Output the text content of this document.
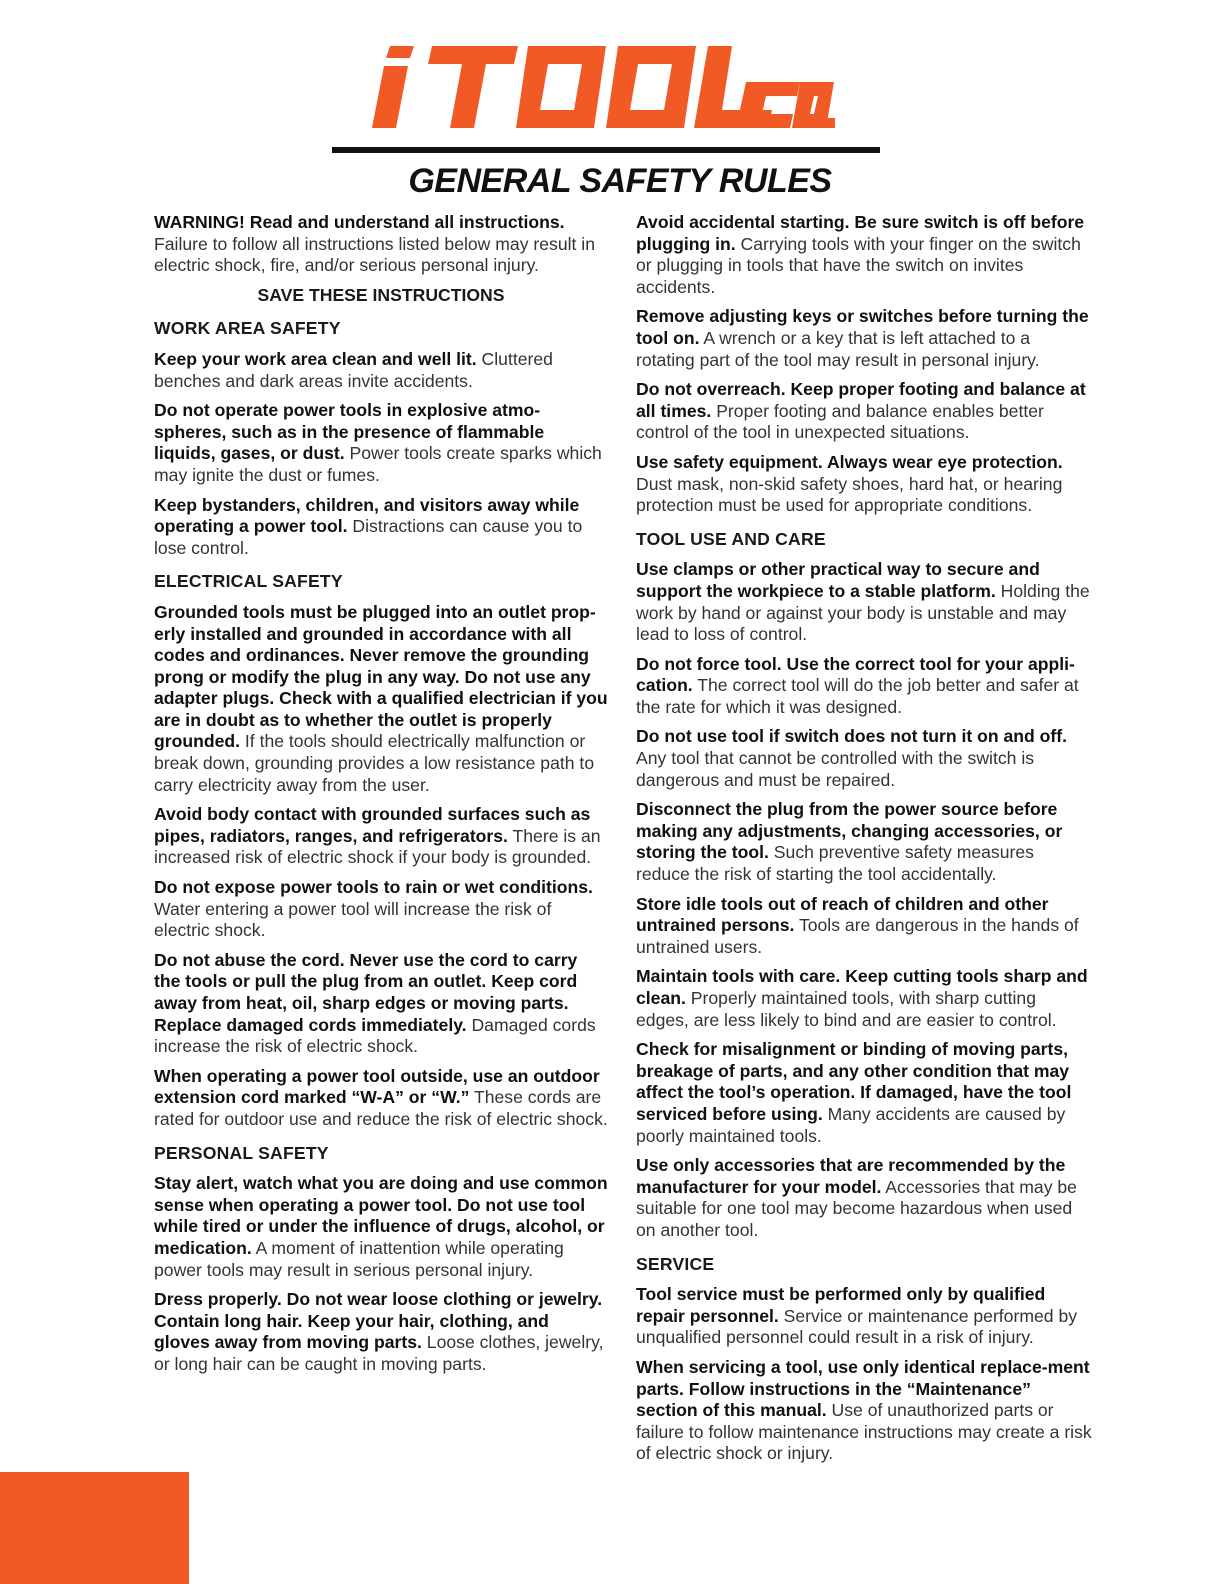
GENERAL SAFETY RULES
WARNING! Read and understand all instructions. Failure to follow all instructions listed below may result in electric shock, fire, and/or serious personal injury.
SAVE THESE INSTRUCTIONS
WORK AREA SAFETY
Keep your work area clean and well lit. Cluttered benches and dark areas invite accidents.
Do not operate power tools in explosive atmo-spheres, such as in the presence of flammable liquids, gases, or dust. Power tools create sparks which may ignite the dust or fumes.
Keep bystanders, children, and visitors away while operating a power tool. Distractions can cause you to lose control.
ELECTRICAL SAFETY
Grounded tools must be plugged into an outlet prop-erly installed and grounded in accordance with all codes and ordinances. Never remove the grounding prong or modify the plug in any way. Do not use any adapter plugs. Check with a qualified electrician if you are in doubt as to whether the outlet is properly grounded. If the tools should electrically malfunction or break down, grounding provides a low resistance path to carry electricity away from the user.
Avoid body contact with grounded surfaces such as pipes, radiators, ranges, and refrigerators. There is an increased risk of electric shock if your body is grounded.
Do not expose power tools to rain or wet conditions. Water entering a power tool will increase the risk of electric shock.
Do not abuse the cord. Never use the cord to carry the tools or pull the plug from an outlet. Keep cord away from heat, oil, sharp edges or moving parts. Replace damaged cords immediately. Damaged cords increase the risk of electric shock.
When operating a power tool outside, use an outdoor extension cord marked “W-A” or “W.” These cords are rated for outdoor use and reduce the risk of electric shock.
PERSONAL SAFETY
Stay alert, watch what you are doing and use common sense when operating a power tool. Do not use tool while tired or under the influence of drugs, alcohol, or medication. A moment of inattention while operating power tools may result in serious personal injury.
Dress properly. Do not wear loose clothing or jewelry. Contain long hair. Keep your hair, clothing, and gloves away from moving parts. Loose clothes, jewelry, or long hair can be caught in moving parts.
Avoid accidental starting. Be sure switch is off before plugging in. Carrying tools with your finger on the switch or plugging in tools that have the switch on invites accidents.
Remove adjusting keys or switches before turning the tool on. A wrench or a key that is left attached to a rotating part of the tool may result in personal injury.
Do not overreach. Keep proper footing and balance at all times. Proper footing and balance enables better control of the tool in unexpected situations.
Use safety equipment. Always wear eye protection. Dust mask, non-skid safety shoes, hard hat, or hearing protection must be used for appropriate conditions.
TOOL USE AND CARE
Use clamps or other practical way to secure and support the workpiece to a stable platform. Holding the work by hand or against your body is unstable and may lead to loss of control.
Do not force tool. Use the correct tool for your appli-cation. The correct tool will do the job better and safer at the rate for which it was designed.
Do not use tool if switch does not turn it on and off. Any tool that cannot be controlled with the switch is dangerous and must be repaired.
Disconnect the plug from the power source before making any adjustments, changing accessories, or storing the tool. Such preventive safety measures reduce the risk of starting the tool accidentally.
Store idle tools out of reach of children and other untrained persons. Tools are dangerous in the hands of untrained users.
Maintain tools with care. Keep cutting tools sharp and clean. Properly maintained tools, with sharp cutting edges, are less likely to bind and are easier to control.
Check for misalignment or binding of moving parts, breakage of parts, and any other condition that may affect the tool’s operation. If damaged, have the tool serviced before using. Many accidents are caused by poorly maintained tools.
Use only accessories that are recommended by the manufacturer for your model. Accessories that may be suitable for one tool may become hazardous when used on another tool.
SERVICE
Tool service must be performed only by qualified repair personnel. Service or maintenance performed by unqualified personnel could result in a risk of injury.
When servicing a tool, use only identical replace-ment parts. Follow instructions in the “Maintenance” section of this manual. Use of unauthorized parts or failure to follow maintenance instructions may create a risk of electric shock or injury.
